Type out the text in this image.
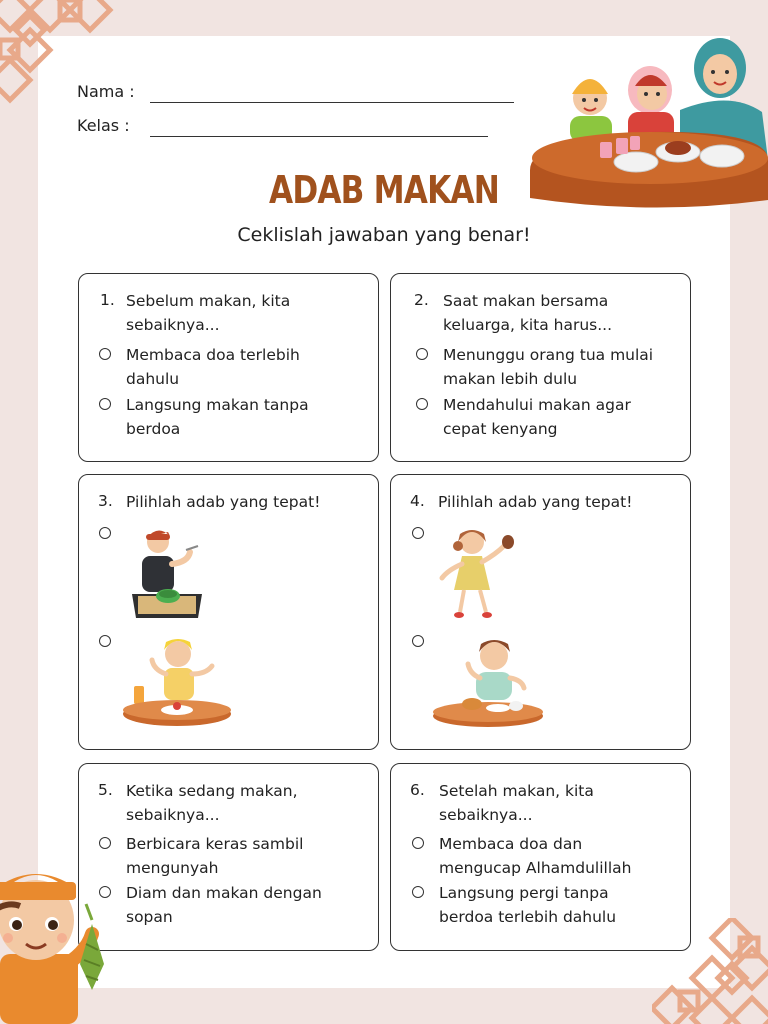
Nama :
Kelas :
ADAB MAKAN
Ceklislah jawaban yang benar!
1. Sebelum makan, kita
sebaiknya...
Membaca doa terlebih
dahulu
Langsung makan tanpa
berdoa
2. Saat makan bersama
keluarga, kita harus...
Menunggu orang tua mulai
makan lebih dulu
Mendahului makan agar
cepat kenyang
3. Pilihlah adab yang tepat!	4. Pilihlah adab yang tepat!
5. Ketika sedang makan,
sebaiknya...
Berbicara keras sambil
mengunyah
Diam dan makan dengan
sopan
6. Setelah makan, kita
sebaiknya...
Membaca doa dan
mengucap Alhamdulillah
Langsung pergi tanpa
berdoa terlebih dahulu
